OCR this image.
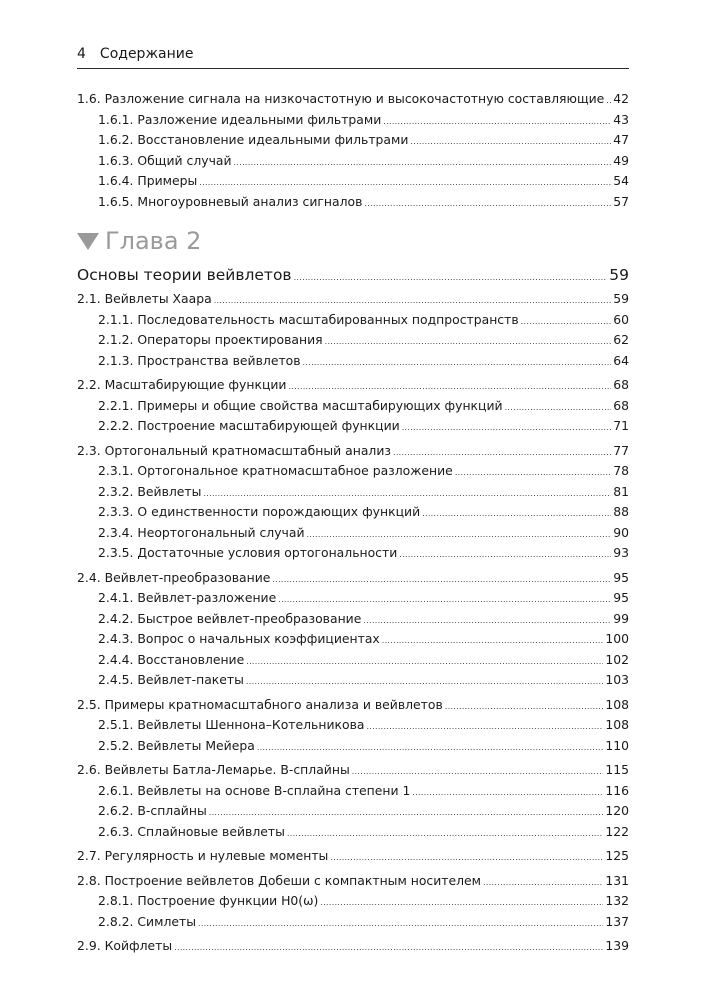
4 Содержание
1.6. Разложение сигнала на низкочастотную и высокочастотную составляющие ..... 42
1.6.1. Разложение идеальными фильтрами .....	43
1.6.2. Восстановление идеальными фильтрами .....	47
1.6.3. Общий случай .....	49
1.6.4. Примеры .....	54
1.6.5. Многоуровневый анализ сигналов .....	57
Глава 2
Основы теории вейвлетов .....	59
2.1. Вейвлеты Хаара .....	59
2.1.1. Последовательность масштабированных подпространств .....	60
2.1.2. Операторы проектирования .....	62
2.1.3. Пространства вейвлетов .....	64
2.2. Масштабирующие функции .....	68
2.2.1. Примеры и общие свойства масштабирующих функций .....	68
2.2.2. Построение масштабирующей функции .....	71
2.3. Ортогональный кратномасштабный анализ .....	77
2.3.1. Ортогональное кратномасштабное разложение .....	78
2.3.2. Вейвлеты .....	81
2.3.3. О единственности порождающих функций .....	88
2.3.4. Неортогональный случай .....	90
2.3.5. Достаточные условия ортогональности .....	93
2.4. Вейвлет-преобразование .....	95
2.4.1. Вейвлет-разложение .....	95
2.4.2. Быстрое вейвлет-преобразование .....	99
2.4.3. Вопрос о начальных коэффициентах .....	100
2.4.4. Восстановление .....	102
2.4.5. Вейвлет-пакеты .....	103
2.5. Примеры кратномасштабного анализа и вейвлетов .....	108
2.5.1. Вейвлеты Шеннона–Котельникова .....	108
2.5.2. Вейвлеты Мейера .....	110
2.6. Вейвлеты Батла-Лемарье. B-сплайны .....	115
2.6.1. Вейвлеты на основе B-сплайна степени 1 .....	116
2.6.2. B-сплайны .....	120
2.6.3. Сплайновые вейвлеты .....	122
2.7. Регулярность и нулевые моменты .....	125
2.8. Построение вейвлетов Добеши с компактным носителем .....	131
2.8.1. Построение функции H0(ω) .....	132
2.8.2. Симлеты .....	137
2.9. Койфлеты .....	139
